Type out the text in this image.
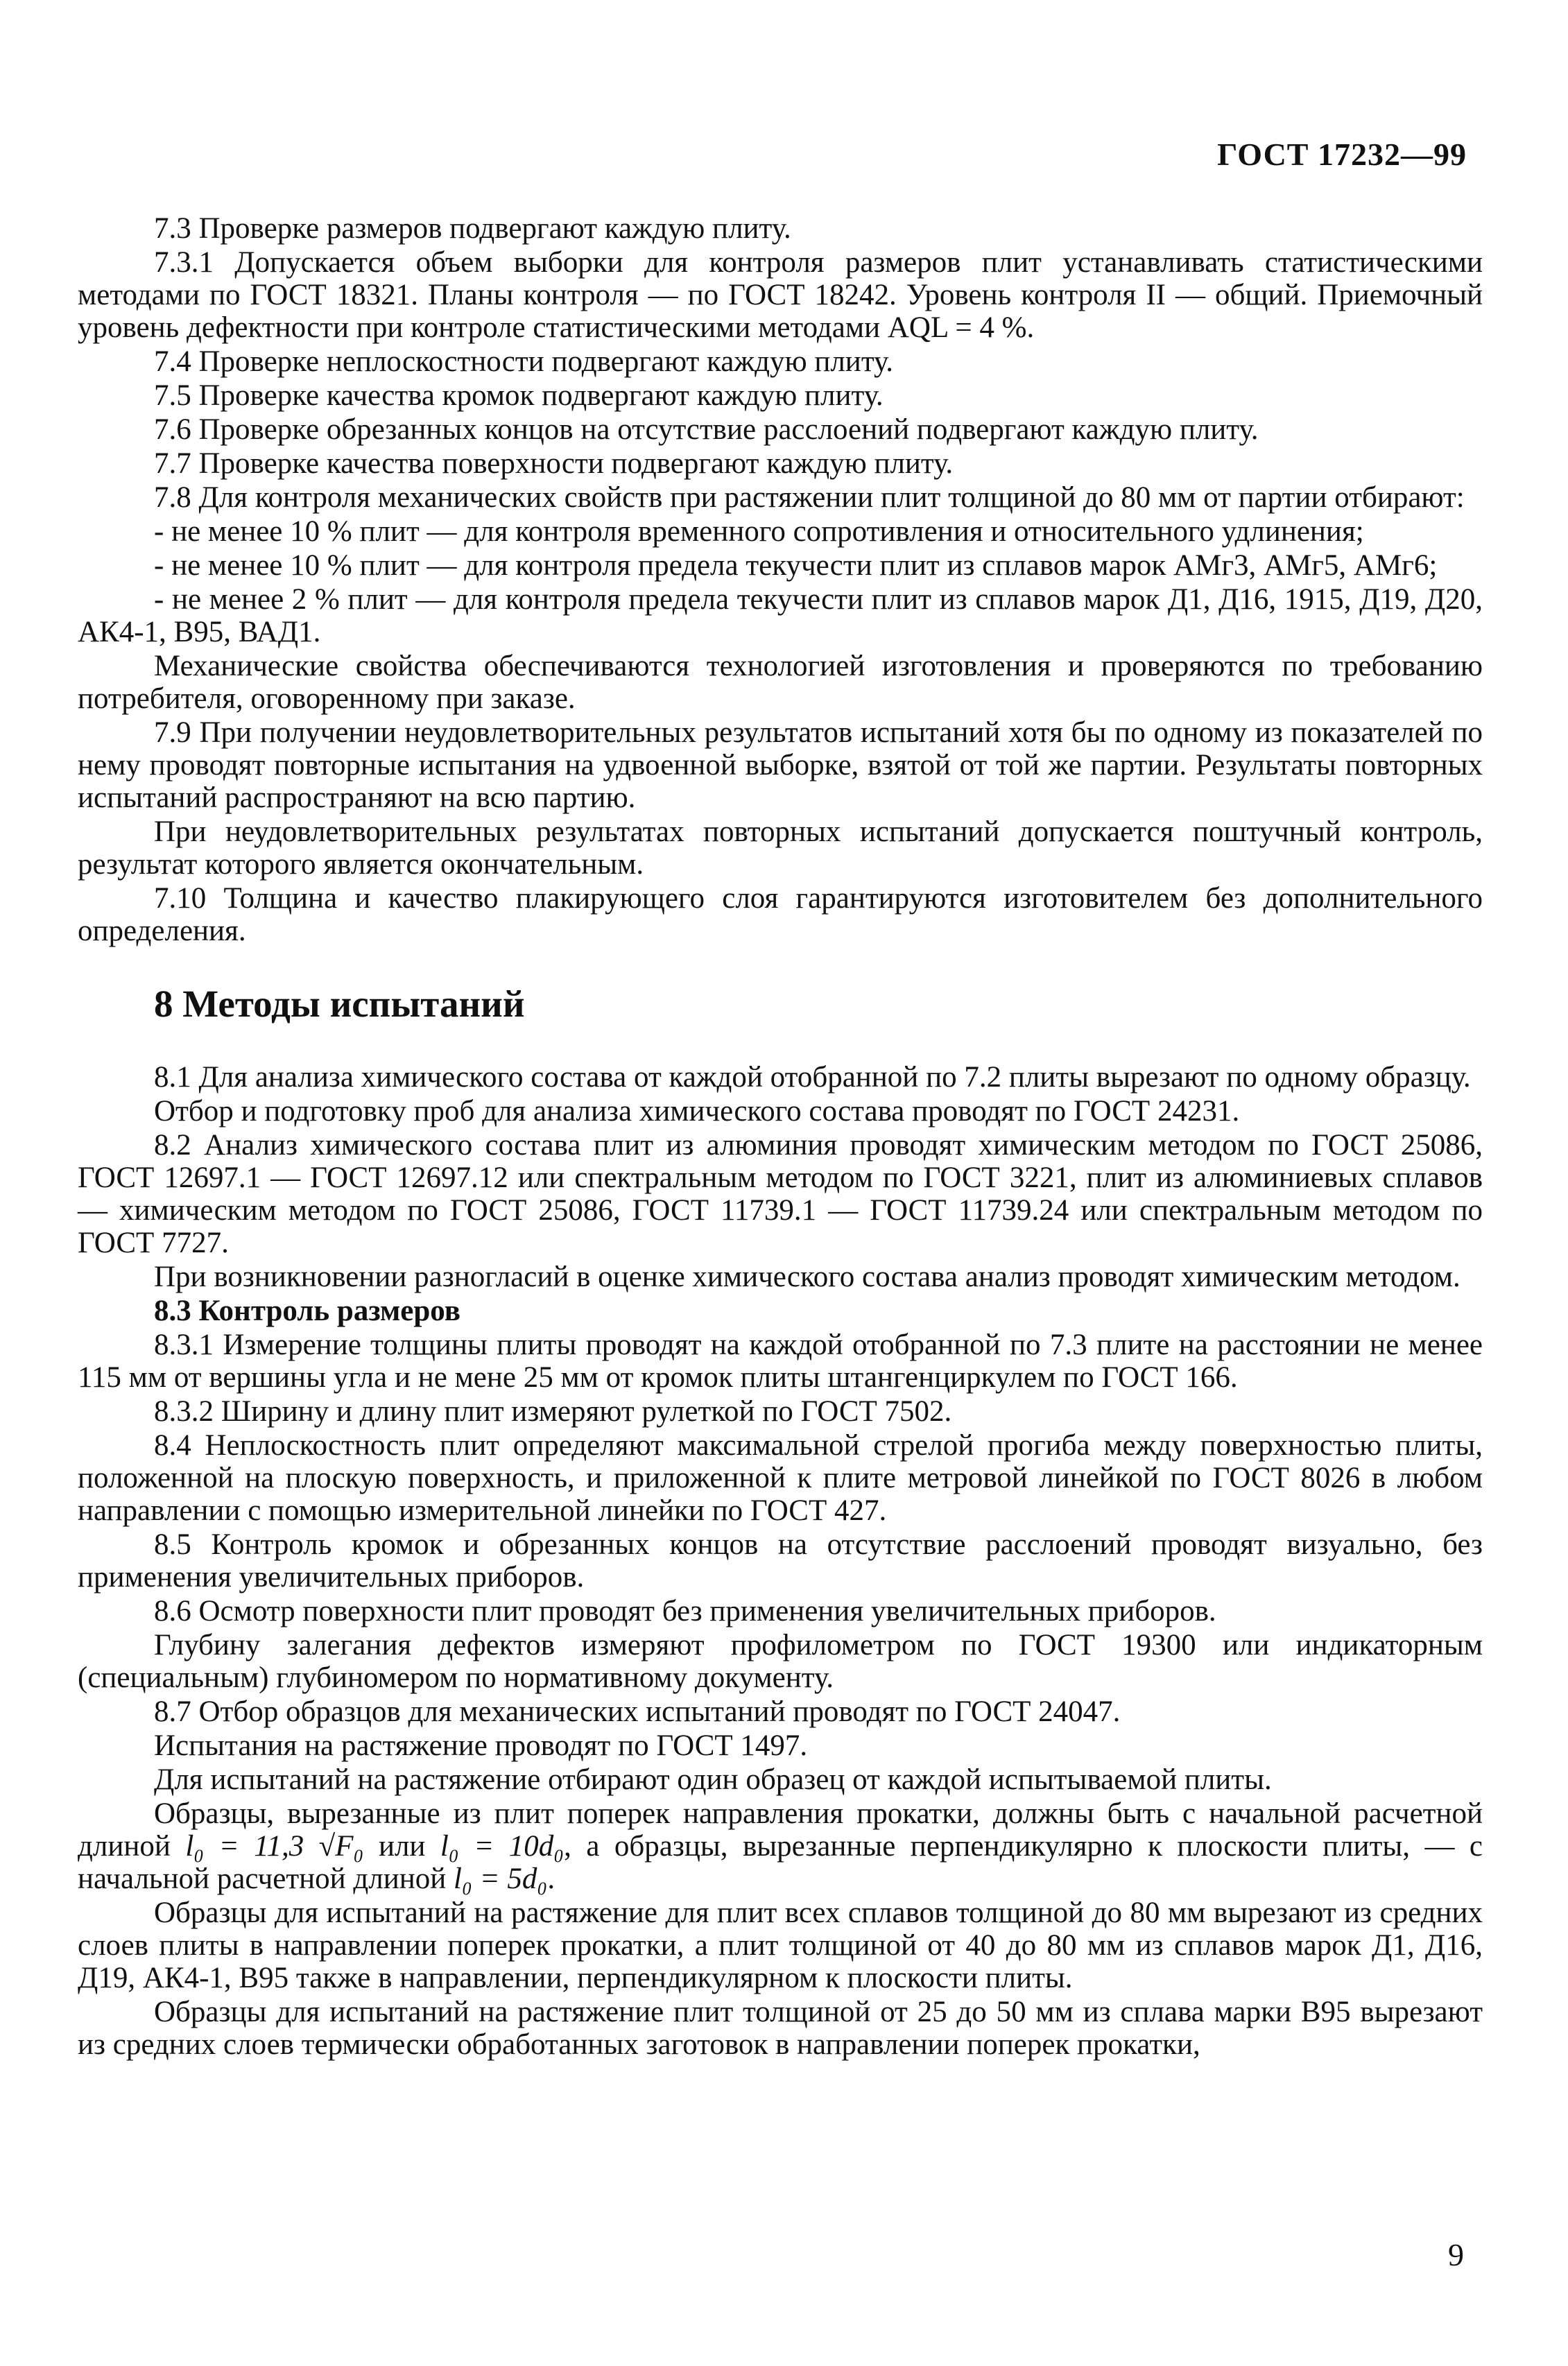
ГОСТ 17232—99

7.3 Проверке размеров подвергают каждую плиту.

7.3.1 Допускается объем выборки для контроля размеров плит устанавливать статистическими методами по ГОСТ 18321. Планы контроля — по ГОСТ 18242. Уровень контроля II — общий. Приемочный уровень дефектности при контроле статистическими методами AQL = 4 %.

7.4 Проверке неплоскостности подвергают каждую плиту.

7.5 Проверке качества кромок подвергают каждую плиту.

7.6 Проверке обрезанных концов на отсутствие расслоений подвергают каждую плиту.

7.7 Проверке качества поверхности подвергают каждую плиту.

7.8 Для контроля механических свойств при растяжении плит толщиной до 80 мм от партии отбирают:

- не менее 10 % плит — для контроля временного сопротивления и относительного удлинения;

- не менее 10 % плит — для контроля предела текучести плит из сплавов марок АМг3, АМг5, АМг6;

- не менее 2 % плит — для контроля предела текучести плит из сплавов марок Д1, Д16, 1915, Д19, Д20, АК4-1, В95, ВАД1.

Механические свойства обеспечиваются технологией изготовления и проверяются по требованию потребителя, оговоренному при заказе.

7.9 При получении неудовлетворительных результатов испытаний хотя бы по одному из показателей по нему проводят повторные испытания на удвоенной выборке, взятой от той же партии. Результаты повторных испытаний распространяют на всю партию.

При неудовлетворительных результатах повторных испытаний допускается поштучный контроль, результат которого является окончательным.

7.10 Толщина и качество плакирующего слоя гарантируются изготовителем без дополнительного определения.

8 Методы испытаний

8.1 Для анализа химического состава от каждой отобранной по 7.2 плиты вырезают по одному образцу.

Отбор и подготовку проб для анализа химического состава проводят по ГОСТ 24231.

8.2 Анализ химического состава плит из алюминия проводят химическим методом по ГОСТ 25086, ГОСТ 12697.1 — ГОСТ 12697.12 или спектральным методом по ГОСТ 3221, плит из алюминиевых сплавов — химическим методом по ГОСТ 25086, ГОСТ 11739.1 — ГОСТ 11739.24 или спектральным методом по ГОСТ 7727.

При возникновении разногласий в оценке химического состава анализ проводят химическим методом.

8.3 Контроль размеров

8.3.1 Измерение толщины плиты проводят на каждой отобранной по 7.3 плите на расстоянии не менее 115 мм от вершины угла и не мене 25 мм от кромок плиты штангенциркулем по ГОСТ 166.

8.3.2 Ширину и длину плит измеряют рулеткой по ГОСТ 7502.

8.4 Неплоскостность плит определяют максимальной стрелой прогиба между поверхностью плиты, положенной на плоскую поверхность, и приложенной к плите метровой линейкой по ГОСТ 8026 в любом направлении с помощью измерительной линейки по ГОСТ 427.

8.5 Контроль кромок и обрезанных концов на отсутствие расслоений проводят визуально, без применения увеличительных приборов.

8.6 Осмотр поверхности плит проводят без применения увеличительных приборов.

Глубину залегания дефектов измеряют профилометром по ГОСТ 19300 или индикаторным (специальным) глубиномером по нормативному документу.

8.7 Отбор образцов для механических испытаний проводят по ГОСТ 24047.

Испытания на растяжение проводят по ГОСТ 1497.

Для испытаний на растяжение отбирают один образец от каждой испытываемой плиты.

Образцы, вырезанные из плит поперек направления прокатки, должны быть с начальной расчетной длиной l₀ = 11,3 √F₀ или l₀ = 10d₀, а образцы, вырезанные перпендикулярно к плоскости плиты, — с начальной расчетной длиной l₀ = 5d₀.

Образцы для испытаний на растяжение для плит всех сплавов толщиной до 80 мм вырезают из средних слоев плиты в направлении поперек прокатки, а плит толщиной от 40 до 80 мм из сплавов марок Д1, Д16, Д19, АК4-1, В95 также в направлении, перпендикулярном к плоскости плиты.

Образцы для испытаний на растяжение плит толщиной от 25 до 50 мм из сплава марки В95 вырезают из средних слоев термически обработанных заготовок в направлении поперек прокатки,

9
